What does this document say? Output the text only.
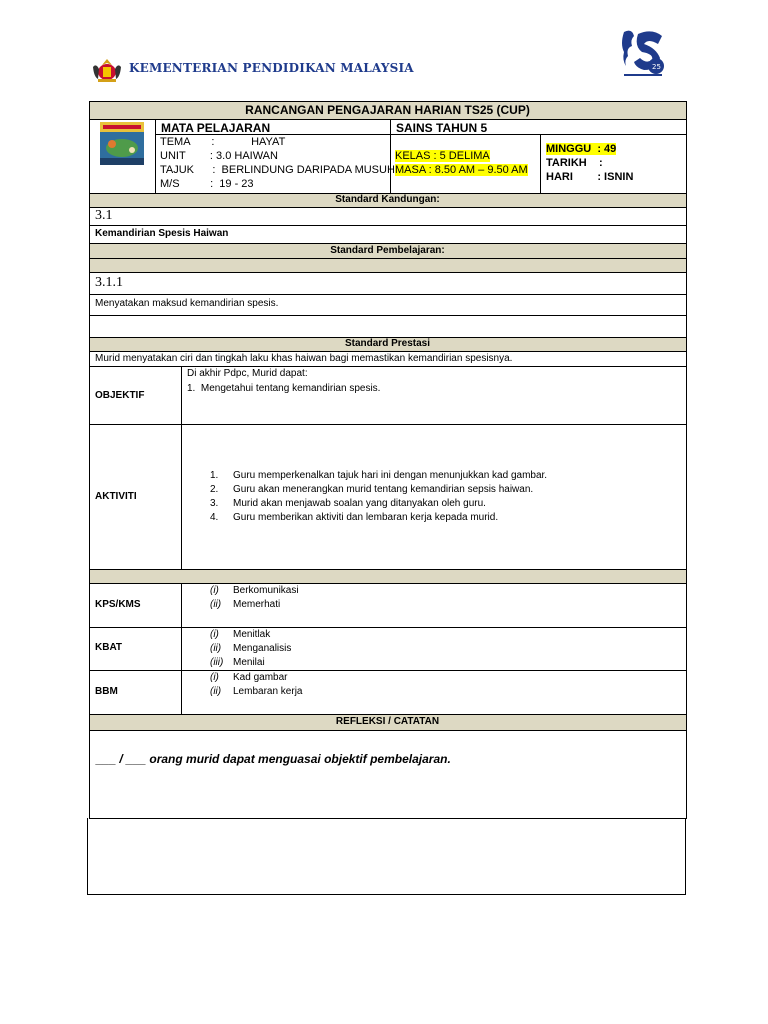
KEMENTERIAN PENDIDIKAN MALAYSIA	25
RANCANGAN PENGAJARAN HARIAN TS25 (CUP)
MATA PELAJARAN	SAINS TAHUN 5
TEMA       :            HAYAT
UNIT        : 3.0 HAIWAN
TAJUK      :  BERLINDUNG DARIPADA MUSUH
M/S          :  19 - 23
KELAS : 5 DELIMA
MASA : 8.50 AM – 9.50 AM
MINGGU  : 49
TARIKH    :
HARI        : ISNIN
Standard Kandungan:
3.1
Kemandirian Spesis Haiwan
Standard Pembelajaran:
3.1.1
Menyatakan maksud kemandirian spesis.
Standard Prestasi
Murid menyatakan ciri dan tingkah laku khas haiwan bagi memastikan kemandirian spesisnya.
OBJEKTIF
Di akhir Pdpc, Murid dapat:
1.  Mengetahui tentang kemandirian spesis.
AKTIVITI
1. Guru memperkenalkan tajuk hari ini dengan menunjukkan kad gambar.
2. Guru akan menerangkan murid tentang kemandirian sepsis haiwan.
3. Murid akan menjawab soalan yang ditanyakan oleh guru.
4. Guru memberikan aktiviti dan lembaran kerja kepada murid.
KPS/KMS
(i) Berkomunikasi
(ii) Memerhati
KBAT
(i) Menitlak
(ii) Menganalisis
(iii) Menilai
BBM
(i) Kad gambar
(ii) Lembaran kerja
REFLEKSI / CATATAN
___ / ___ orang murid dapat menguasai objektif pembelajaran.
